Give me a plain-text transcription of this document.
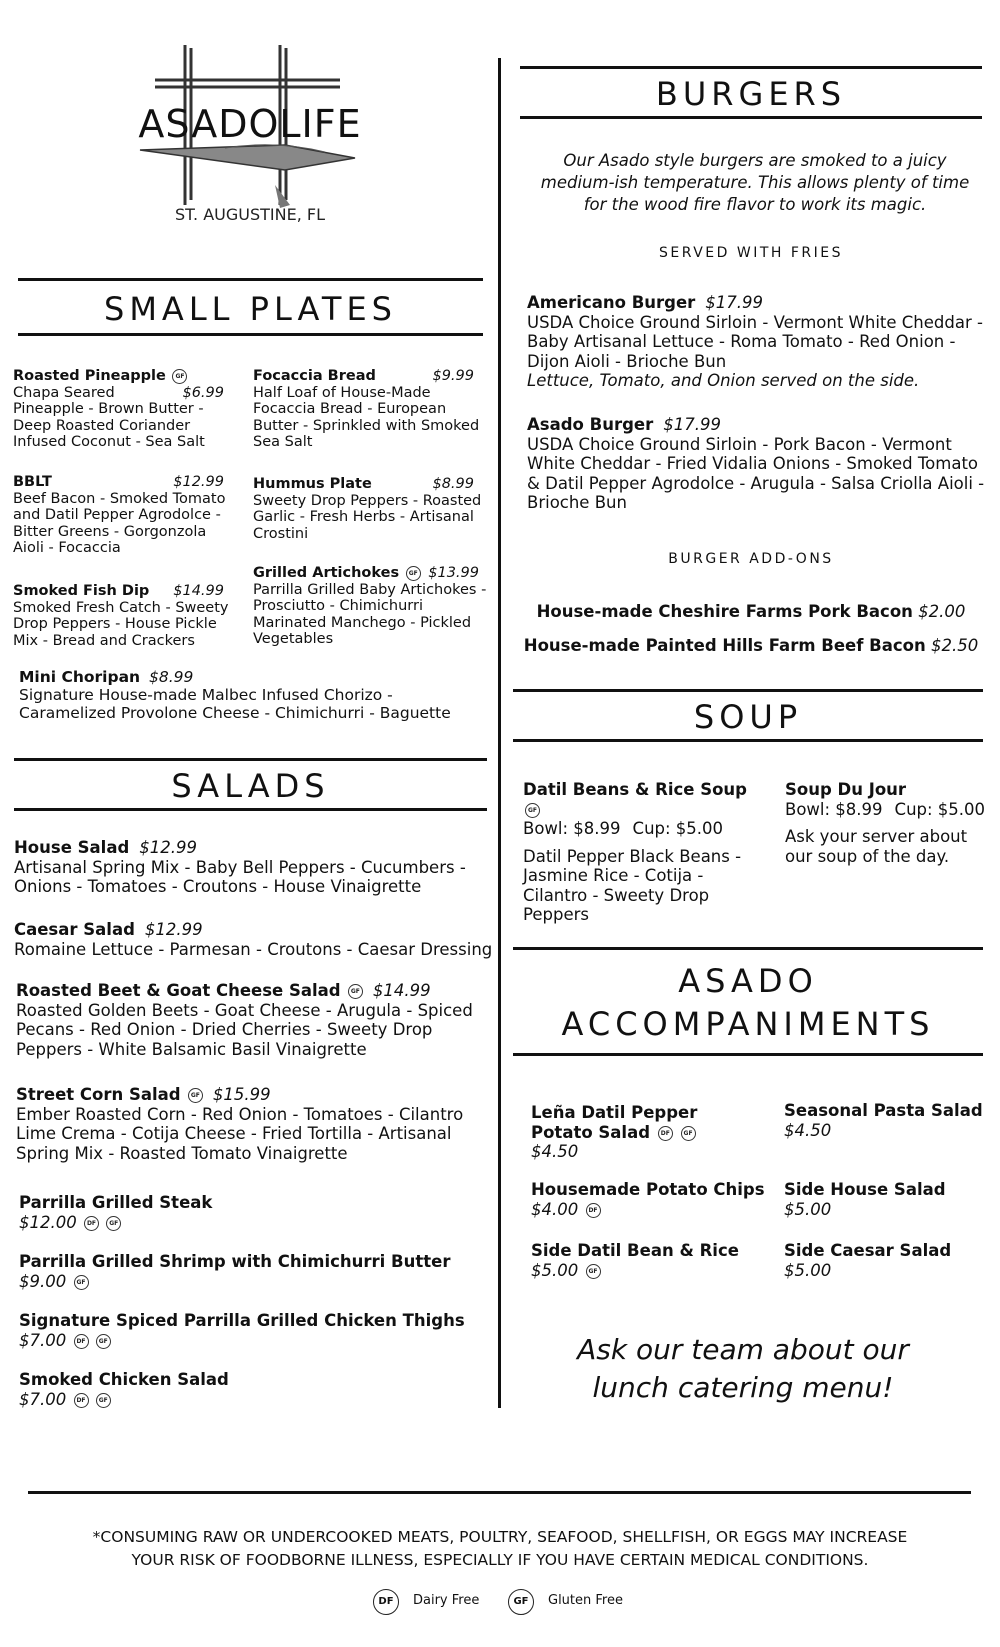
ASADOLIFE
ST. AUGUSTINE, FL
SMALL PLATES
Roasted Pineapple GF
$6.99
Chapa Seared Pineapple - Brown Butter - Deep Roasted Coriander Infused Coconut - Sea Salt
Focaccia Bread	$9.99
Half Loaf of House-Made Focaccia Bread - European Butter - Sprinkled with Smoked Sea Salt
BBLT	$12.99
Beef Bacon - Smoked Tomato and Datil Pepper Agrodolce - Bitter Greens - Gorgonzola Aioli - Focaccia
Hummus Plate	$8.99
Sweety Drop Peppers - Roasted Garlic - Fresh Herbs - Artisanal Crostini
Smoked Fish Dip $14.99
Smoked Fresh Catch - Sweety Drop Peppers - House Pickle Mix - Bread and Crackers
Grilled Artichokes GF $13.99
Parrilla Grilled Baby Artichokes - Prosciutto - Chimichurri Marinated Manchego - Pickled Vegetables
Mini Choripan $8.99
Signature House-made Malbec Infused Chorizo - Caramelized Provolone Cheese - Chimichurri - Baguette
SALADS
House Salad $12.99
Artisanal Spring Mix - Baby Bell Peppers - Cucumbers - Onions - Tomatoes - Croutons - House Vinaigrette
Caesar Salad $12.99
Romaine Lettuce - Parmesan - Croutons - Caesar Dressing
Roasted Beet & Goat Cheese Salad GF $14.99
Roasted Golden Beets - Goat Cheese - Arugula - Spiced Pecans - Red Onion - Dried Cherries - Sweety Drop Peppers - White Balsamic Basil Vinaigrette
Street Corn Salad GF $15.99
Ember Roasted Corn - Red Onion - Tomatoes - Cilantro Lime Crema - Cotija Cheese - Fried Tortilla - Artisanal Spring Mix - Roasted Tomato Vinaigrette
Parrilla Grilled Steak
$12.00 DF GF
Parrilla Grilled Shrimp with Chimichurri Butter
$9.00 GF
Signature Spiced Parrilla Grilled Chicken Thighs
$7.00 DF GF
Smoked Chicken Salad
$7.00 DF GF
BURGERS
Our Asado style burgers are smoked to a juicy medium-ish temperature. This allows plenty of time for the wood fire flavor to work its magic.
SERVED WITH FRIES
Americano Burger $17.99
USDA Choice Ground Sirloin - Vermont White Cheddar - Baby Artisanal Lettuce - Roma Tomato - Red Onion - Dijon Aioli - Brioche Bun
Lettuce, Tomato, and Onion served on the side.
Asado Burger $17.99
USDA Choice Ground Sirloin - Pork Bacon - Vermont White Cheddar - Fried Vidalia Onions - Smoked Tomato & Datil Pepper Agrodolce - Arugula - Salsa Criolla Aioli - Brioche Bun
BURGER ADD-ONS
House-made Cheshire Farms Pork Bacon $2.00
House-made Painted Hills Farm Beef Bacon $2.50
SOUP
Datil Beans & Rice Soup GF
Bowl: $8.99 Cup: $5.00
Datil Pepper Black Beans - Jasmine Rice - Cotija - Cilantro - Sweety Drop Peppers
Soup Du Jour
Bowl: $8.99 Cup: $5.00
Ask your server about our soup of the day.
ASADO
ACCOMPANIMENTS
Leña Datil Pepper Potato Salad DF GF
$4.50
Seasonal Pasta Salad
$4.50
Housemade Potato Chips
$4.00 DF
Side House Salad
$5.00
Side Datil Bean & Rice
$5.00 GF
Side Caesar Salad
$5.00
Ask our team about our
lunch catering menu!
*CONSUMING RAW OR UNDERCOOKED MEATS, POULTRY, SEAFOOD, SHELLFISH, OR EGGS MAY INCREASE
YOUR RISK OF FOODBORNE ILLNESS, ESPECIALLY IF YOU HAVE CERTAIN MEDICAL CONDITIONS.
DF	Dairy Free	GF	Gluten Free
